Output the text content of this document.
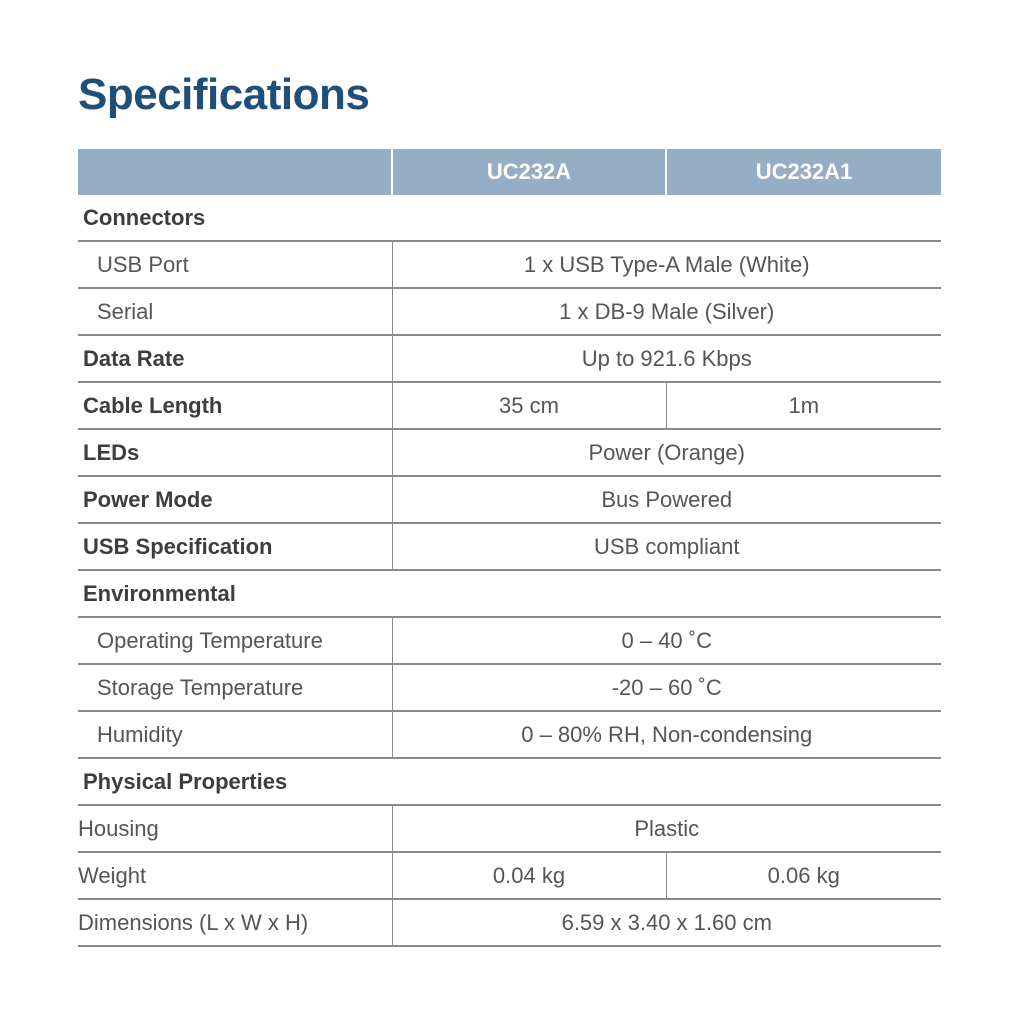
Specifications
	UC232A	UC232A1
Connectors		
USB Port	1 x USB Type-A Male (White)	
Serial	1 x DB-9 Male (Silver)	
Data Rate	Up to 921.6 Kbps	
Cable Length	35 cm	1m
LEDs	Power (Orange)	
Power Mode	Bus Powered	
USB Specification	USB compliant	
Environmental		
Operating Temperature	0 – 40 ˚C	
Storage Temperature	-20 – 60 ˚C	
Humidity	0 – 80% RH, Non-condensing	
Physical Properties		
Housing	Plastic	
Weight	0.04 kg	0.06 kg
Dimensions (L x W x H)	6.59 x 3.40 x 1.60 cm	
